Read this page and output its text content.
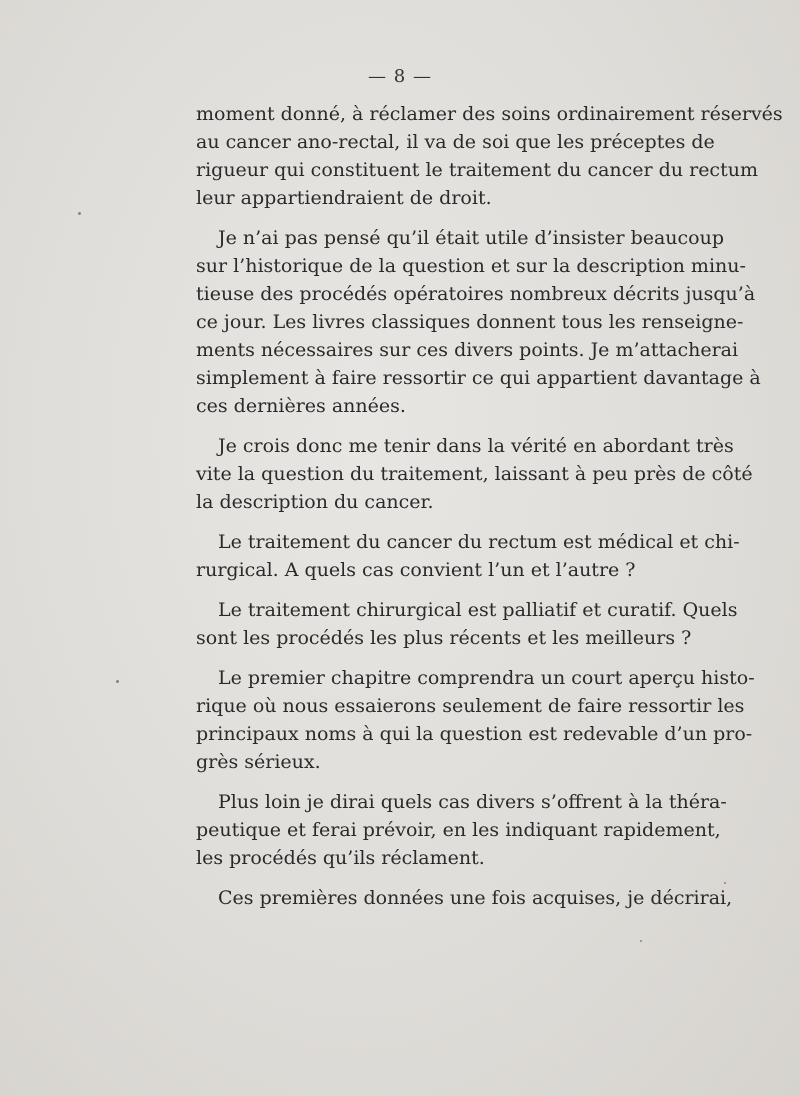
— 8 —
moment donné, à réclamer des soins ordinairement réservés
au cancer ano-rectal, il va de soi que les préceptes de
rigueur qui constituent le traitement du cancer du rectum
leur appartiendraient de droit.
Je n’ai pas pensé qu’il était utile d’insister beaucoup
sur l’historique de la question et sur la description minu-
tieuse des procédés opératoires nombreux décrits jusqu’à
ce jour. Les livres classiques donnent tous les renseigne-
ments nécessaires sur ces divers points. Je m’attacherai
simplement à faire ressortir ce qui appartient davantage à
ces dernières années.
Je crois donc me tenir dans la vérité en abordant très
vite la question du traitement, laissant à peu près de côté
la description du cancer.
Le traitement du cancer du rectum est médical et chi-
rurgical. A quels cas convient l’un et l’autre ?
Le traitement chirurgical est palliatif et curatif. Quels
sont les procédés les plus récents et les meilleurs ?
Le premier chapitre comprendra un court aperçu histo-
rique où nous essaierons seulement de faire ressortir les
principaux noms à qui la question est redevable d’un pro-
grès sérieux.
Plus loin je dirai quels cas divers s’offrent à la théra-
peutique et ferai prévoir, en les indiquant rapidement,
les procédés qu’ils réclament.
Ces premières données une fois acquises, je décrirai,
